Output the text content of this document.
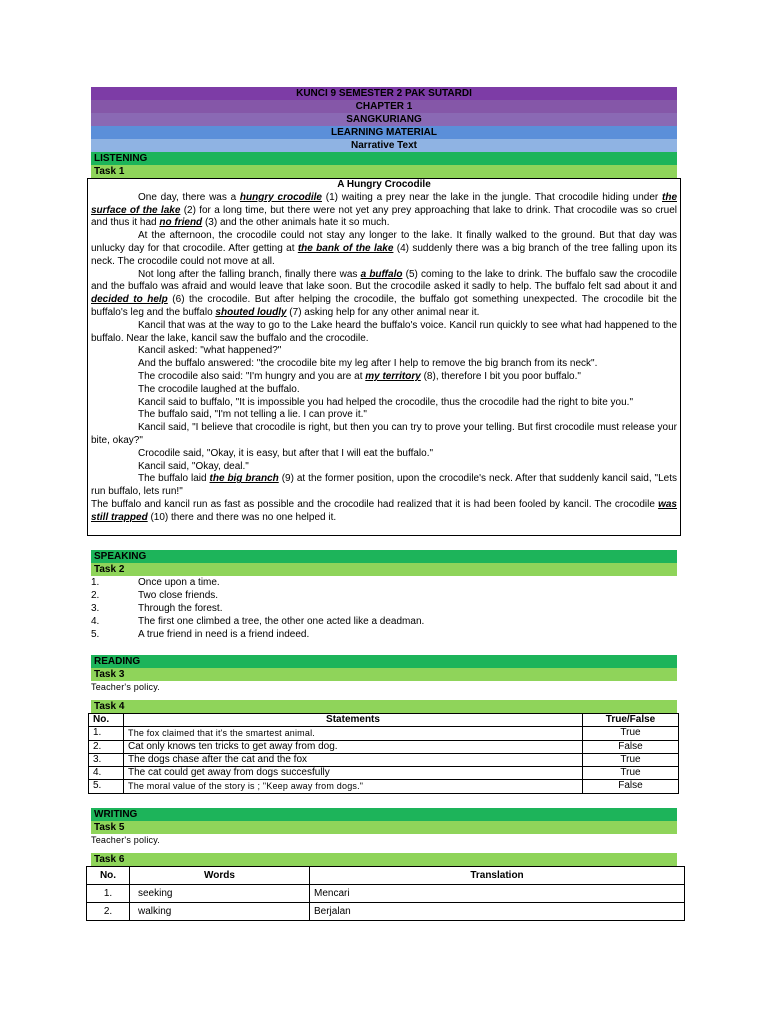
KUNCI 9 SEMESTER 2 PAK SUTARDI
CHAPTER 1
SANGKURIANG
LEARNING MATERIAL
Narrative Text
LISTENING
Task 1

A Hungry Crocodile

One day, there was a hungry crocodile (1) waiting a prey near the lake in the jungle. That crocodile hiding under the surface of the lake (2) for a long time, but there were not yet any prey approaching that lake to drink. That crocodile was so cruel and thus it had no friend (3) and the other animals hate it so much.

At the afternoon, the crocodile could not stay any longer to the lake. It finally walked to the ground. But that day was unlucky day for that crocodile. After getting at the bank of the lake (4) suddenly there was a big branch of the tree falling upon its neck. The crocodile could not move at all.

Not long after the falling branch, finally there was a buffalo (5) coming to the lake to drink. The buffalo saw the crocodile and the buffalo was afraid and would leave that lake soon. But the crocodile asked it sadly to help. The buffalo felt sad about it and decided to help (6) the crocodile. But after helping the crocodile, the buffalo got something unexpected. The crocodile bit the buffalo's leg and the buffalo shouted loudly (7) asking help for any other animal near it.

Kancil that was at the way to go to the Lake heard the buffalo's voice. Kancil run quickly to see what had happened to the buffalo. Near the lake, kancil saw the buffalo and the crocodile.

Kancil asked: "what happened?"

And the buffalo answered: "the crocodile bite my leg after I help to remove the big branch from its neck".

The crocodile also said: "I'm hungry and you are at my territory (8), therefore I bit you poor buffalo."

The crocodile laughed at the buffalo.

Kancil said to buffalo, "It is impossible you had helped the crocodile, thus the crocodile had the right to bite you."

The buffalo said, "I'm not telling a lie. I can prove it."

Kancil said, "I believe that crocodile is right, but then you can try to prove your telling. But first crocodile must release your bite, okay?"

Crocodile said, "Okay, it is easy, but after that I will eat the buffalo."

Kancil said, "Okay, deal."

The buffalo laid the big branch (9) at the former position, upon the crocodile's neck. After that suddenly kancil said, "Lets run buffalo, lets run!"

The buffalo and kancil run as fast as possible and the crocodile had realized that it is had been fooled by kancil. The crocodile was still trapped (10) there and there was no one helped it.

SPEAKING
Task 2
1.	Once upon a time.
2.	Two close friends.
3.	Through the forest.
4.	The first one climbed a tree, the other one acted like a deadman.
5.	A true friend in need is a friend indeed.
READING
Task 3
Teacher's policy.
Task 4
No.	Statements	True/False
1.	The fox claimed that it's the smartest animal.	True
2.	Cat only knows ten tricks to get away from dog.	False
3.	The dogs chase after the cat and the fox	True
4.	The cat could get away from dogs succesfully	True
5.	The moral value of the story is ; "Keep away from dogs."	False
WRITING
Task 5
Teacher's policy.
Task 6
No.	Words	Translation
1.	seeking	Mencari
2.	walking	Berjalan
